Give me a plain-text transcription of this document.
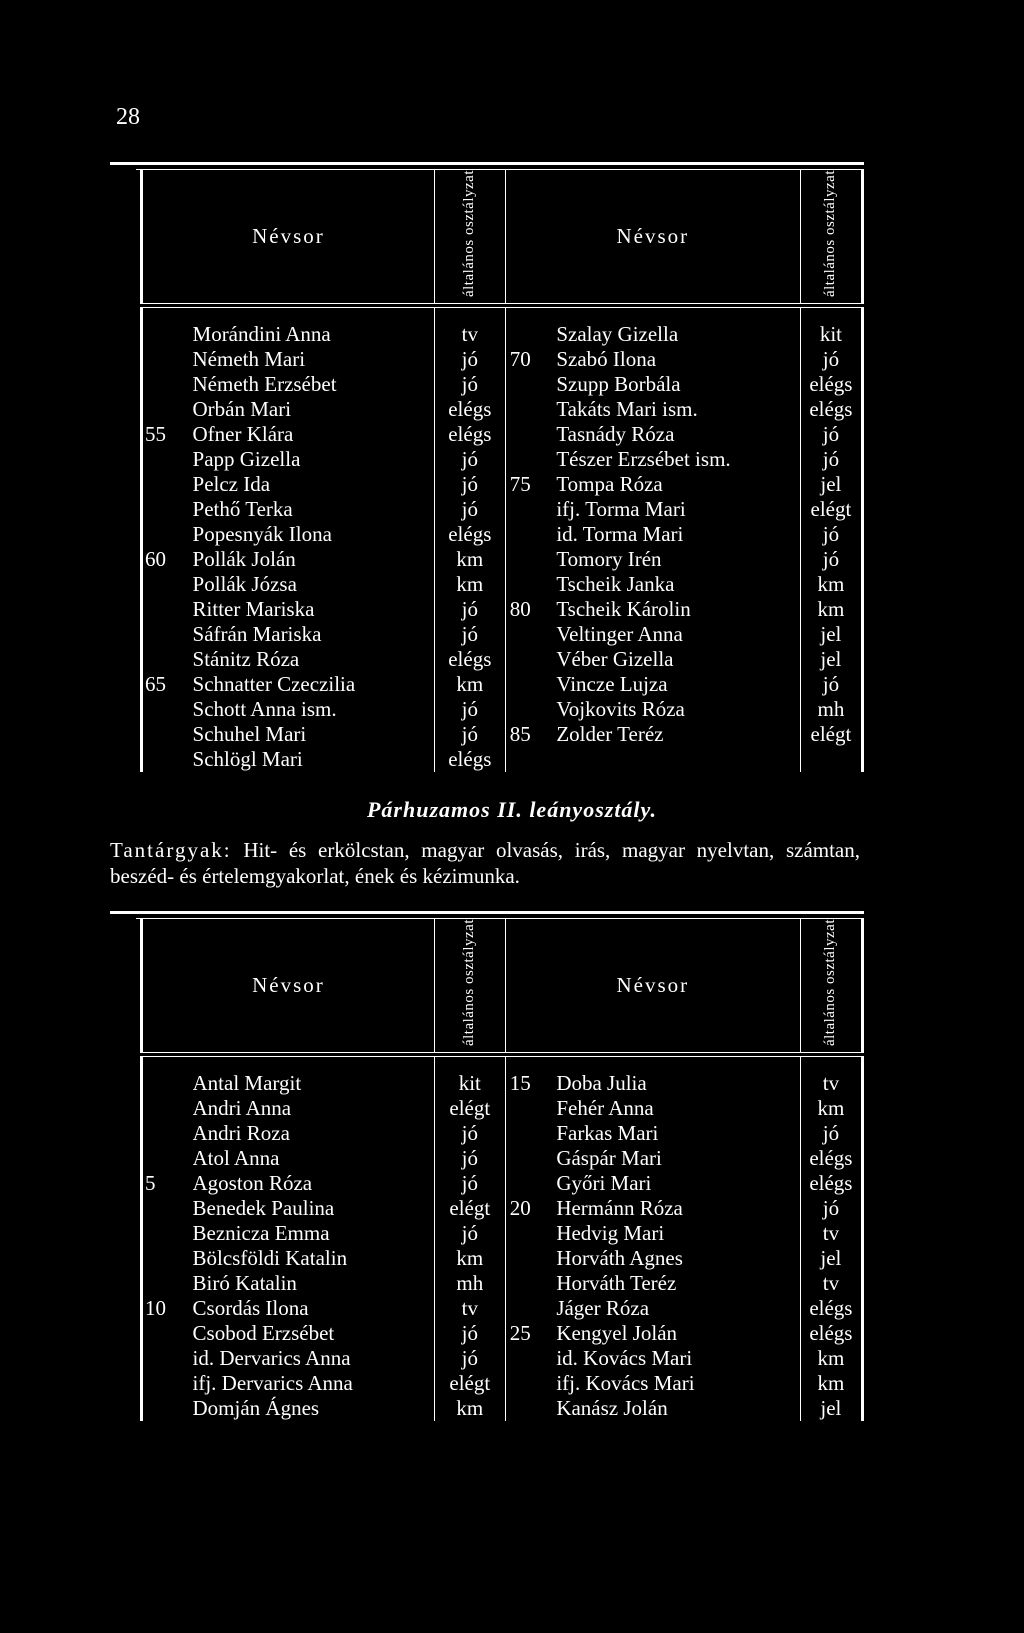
28
Névsor		általános osztályzat	Névsor		általános osztályzat

	Morándini Anna	tv		Szalay Gizella	kit
	Németh Mari	jó	70	Szabó Ilona	jó
	Németh Erzsébet	jó		Szupp Borbála	elégs
	Orbán Mari	elégs		Takáts Mari ism.	elégs
55	Ofner Klára	elégs		Tasnády Róza	jó
	Papp Gizella	jó		Tészer Erzsébet ism.	jó
	Pelcz Ida	jó	75	Tompa Róza	jel
	Pethő Terka	jó		ifj. Torma Mari	elégt
	Popesnyák Ilona	elégs		id. Torma Mari	jó
60	Pollák Jolán	km		Tomory Irén	jó
	Pollák Józsa	km		Tscheik Janka	km
	Ritter Mariska	jó	80	Tscheik Károlin	km
	Sáfrán Mariska	jó		Veltinger Anna	jel
	Stánitz Róza	elégs		Véber Gizella	jel
65	Schnatter Czeczilia	km		Vincze Lujza	jó
	Schott Anna ism.	jó		Vojkovits Róza	mh
	Schuhel Mari	jó	85	Zolder Teréz	elégt
	Schlögl Mari	elégs			
Párhuzamos II. leányosztály.
Tantárgyak: Hit- és erkölcstan, magyar olvasás, irás, magyar nyelvtan, számtan, beszéd- és értelemgyakorlat, ének és kézimunka.
Névsor		általános osztályzat	Névsor		általános osztályzat

	Antal Margit	kit	15	Doba Julia	tv
	Andri Anna	elégt		Fehér Anna	km
	Andri Roza	jó		Farkas Mari	jó
	Atol Anna	jó		Gáspár Mari	elégs
5	Agoston Róza	jó		Győri Mari	elégs
	Benedek Paulina	elégt	20	Hermánn Róza	jó
	Beznicza Emma	jó		Hedvig Mari	tv
	Bölcsföldi Katalin	km		Horváth Agnes	jel
	Biró Katalin	mh		Horváth Teréz	tv
10	Csordás Ilona	tv		Jáger Róza	elégs
	Csobod Erzsébet	jó	25	Kengyel Jolán	elégs
	id. Dervarics Anna	jó		id. Kovács Mari	km
	ifj. Dervarics Anna	elégt		ifj. Kovács Mari	km
	Domján Ágnes	km		Kanász Jolán	jel
